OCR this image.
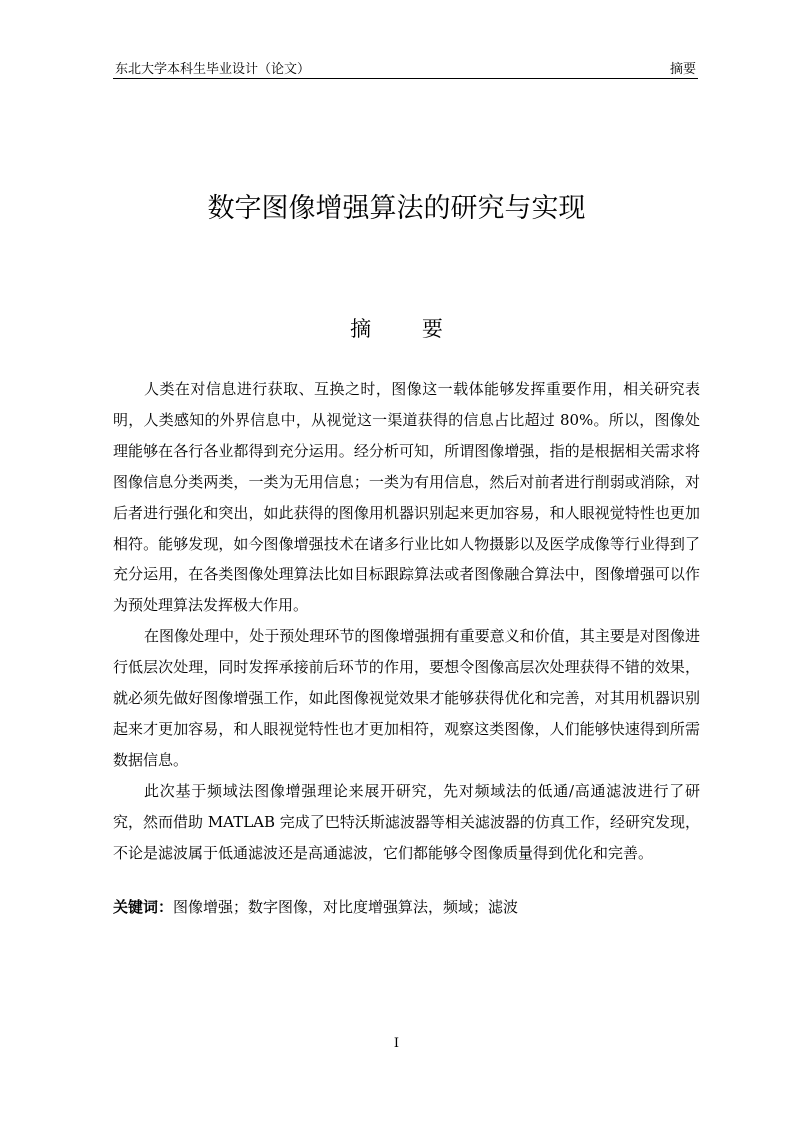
东北大学本科生毕业设计（论文）	摘要
数字图像增强算法的研究与实现
摘 要

人类在对信息进行获取、互换之时，图像这一载体能够发挥重要作用，相关研究表明，人类感知的外界信息中，从视觉这一渠道获得的信息占比超过 80%。所以，图像处理能够在各行各业都得到充分运用。经分析可知，所谓图像增强，指的是根据相关需求将图像信息分类两类，一类为无用信息；一类为有用信息，然后对前者进行削弱或消除，对后者进行强化和突出，如此获得的图像用机器识别起来更加容易，和人眼视觉特性也更加相符。能够发现，如今图像增强技术在诸多行业比如人物摄影以及医学成像等行业得到了充分运用，在各类图像处理算法比如目标跟踪算法或者图像融合算法中，图像增强可以作为预处理算法发挥极大作用。

在图像处理中，处于预处理环节的图像增强拥有重要意义和价值，其主要是对图像进行低层次处理，同时发挥承接前后环节的作用，要想令图像高层次处理获得不错的效果，就必须先做好图像增强工作，如此图像视觉效果才能够获得优化和完善，对其用机器识别起来才更加容易，和人眼视觉特性也才更加相符，观察这类图像，人们能够快速得到所需数据信息。

此次基于频域法图像增强理论来展开研究，先对频域法的低通/高通滤波进行了研究，然而借助 MATLAB 完成了巴特沃斯滤波器等相关滤波器的仿真工作，经研究发现，不论是滤波属于低通滤波还是高通滤波，它们都能够令图像质量得到优化和完善。

关键词：图像增强；数字图像，对比度增强算法，频域；滤波
I
